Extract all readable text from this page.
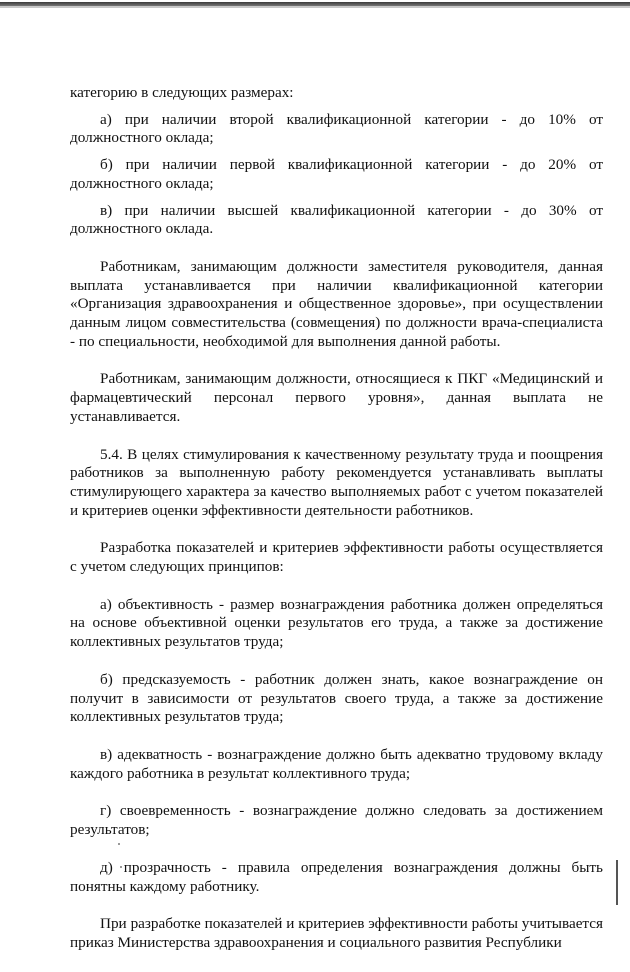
категорию в следующих размерах:

а) при наличии второй квалификационной категории - до 10% от должностного оклада;

б) при наличии первой квалификационной категории - до 20% от должностного оклада;

в) при наличии высшей квалификационной категории - до 30% от должностного оклада.

Работникам, занимающим должности заместителя руководителя, данная выплата устанавливается при наличии квалификационной категории «Организация здравоохранения и общественное здоровье», при осуществлении данным лицом совместительства (совмещения) по должности врача-специалиста - по специальности, необходимой для выполнения данной работы.

Работникам, занимающим должности, относящиеся к ПКГ «Медицинский и фармацевтический персонал первого уровня», данная выплата не устанавливается.

5.4. В целях стимулирования к качественному результату труда и поощрения работников за выполненную работу рекомендуется устанавливать выплаты стимулирующего характера за качество выполняемых работ с учетом показателей и критериев оценки эффективности деятельности работников.

Разработка показателей и критериев эффективности работы осуществляется с учетом следующих принципов:

а) объективность - размер вознаграждения работника должен определяться на основе объективной оценки результатов его труда, а также за достижение коллективных результатов труда;

б) предсказуемость - работник должен знать, какое вознаграждение он получит в зависимости от результатов своего труда, а также за достижение коллективных результатов труда;

в) адекватность - вознаграждение должно быть адекватно трудовому вкладу каждого работника в результат коллективного труда;

г) своевременность - вознаграждение должно следовать за достижением результатов;

д) прозрачность - правила определения вознаграждения должны быть понятны каждому работнику.

При разработке показателей и критериев эффективности работы учитывается приказ Министерства здравоохранения и социального развития Республики
